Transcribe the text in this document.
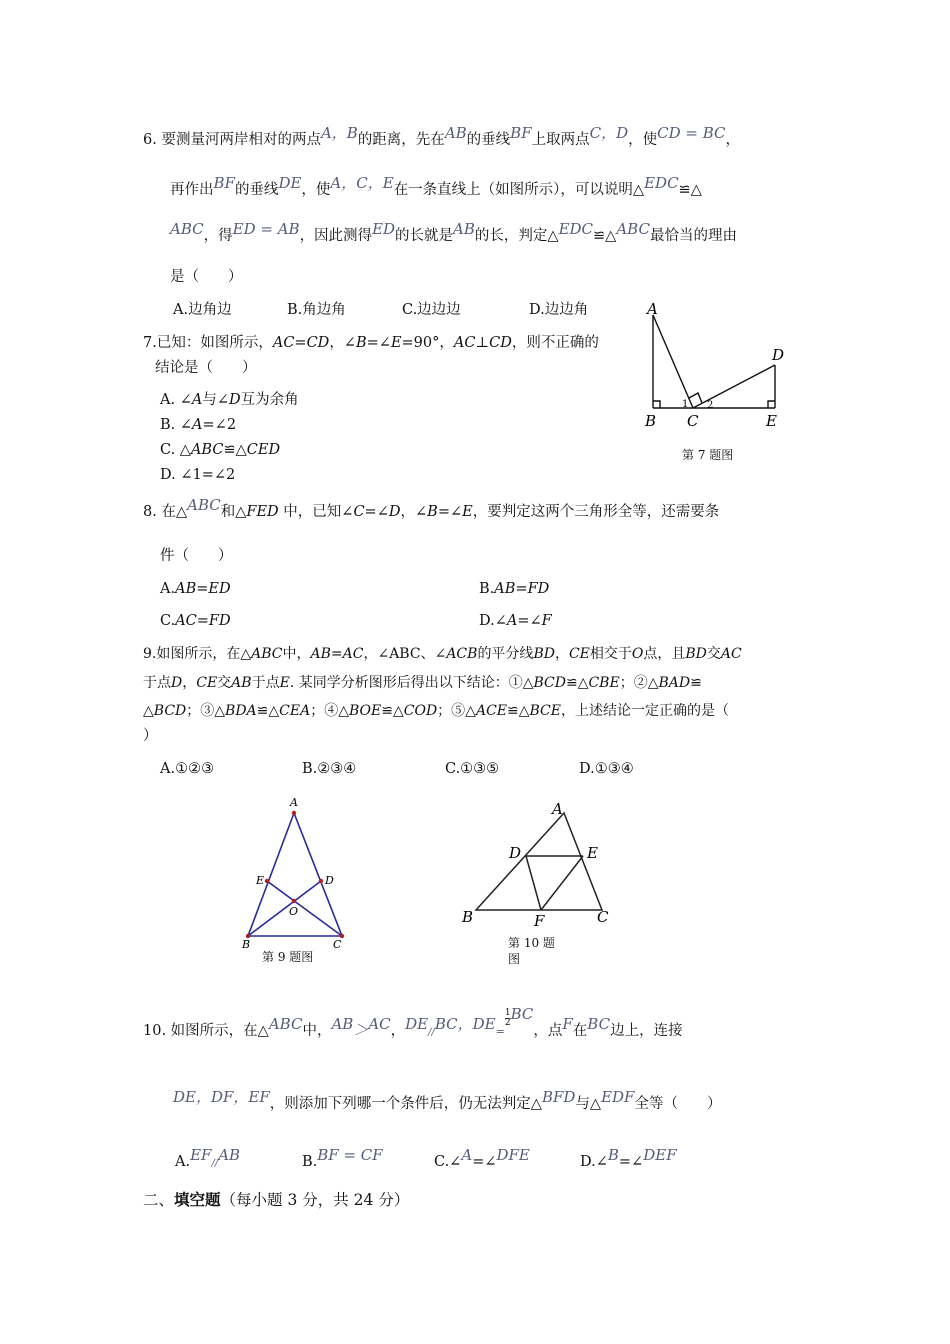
6. 要测量河两岸相对的两点A，B的距离，先在AB的垂线BF上取两点C，D，使CD = BC，
再作出BF的垂线DE，使A，C，E在一条直线上（如图所示），可以说明△EDC≌△
ABC，得ED = AB，因此测得ED的长就是AB的长，判定△EDC≌△ABC最恰当的理由
是（　　）
A.边角边	B.角边角	C.边边边	D.边边角
7.已知：如图所示，AC=CD，∠B=∠E=90°，AC⊥CD，则不正确的
结论是（　　）
A. ∠A与∠D互为余角
B. ∠A=∠2
C. △ABC≌△CED
D. ∠1=∠2
A
B C
D
E
1 2
第 7 题图
8. 在△ABC和△FED 中，已知∠C=∠D，∠B=∠E，要判定这两个三角形全等，还需要条
件（　　）
A.AB=ED	B.AB=FD
C.AC=FD	D.∠A=∠F
9.如图所示，在△ABC中，AB=AC，∠ABC、∠ACB的平分线BD，CE相交于O点，且BD交AC
于点D，CE交AB于点E. 某同学分析图形后得出以下结论：①△BCD≌△CBE；②△BAD≌
△BCD；③△BDA≌△CEA；④△BOE≌△COD；⑤△ACE≌△BCE，上述结论一定正确的是（
）
A.①②③	B.②③④	C.①③⑤	D.①③④
A
E	D
O
B	C
第 9 题图
A
D	E
B	F	C
第 10 题
图
10. 如图所示，在△ABC中，AB＞AC，DE//BC，DE=
$\frac{1}{2}$ BC，点F在BC边上，连接
DE，DF，EF，则添加下列哪一个条件后，仍无法判定△BFD与△EDF全等（　　）
A.EF//AB	B.BF = CF	C.∠A=∠DFE	D.∠B=∠DEF
二、填空题（每小题 3 分，共 24 分）
